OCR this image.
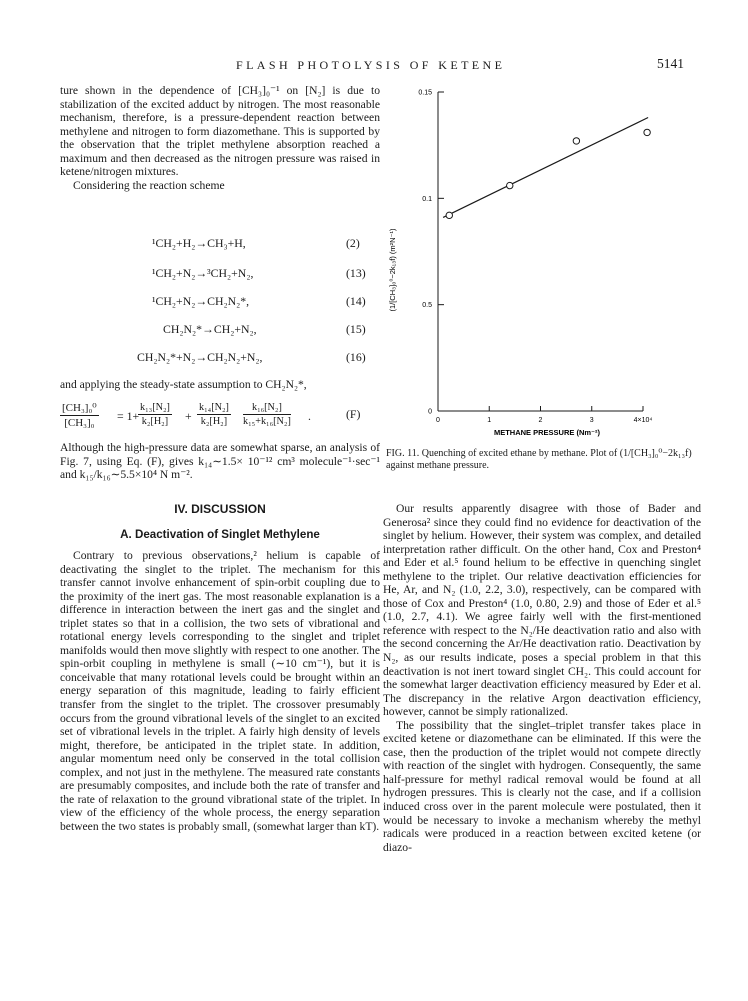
FLASH PHOTOLYSIS OF KETENE	5141

ture shown in the dependence of [CH₃]₀⁻¹ on [N₂] is due to stabilization of the excited adduct by nitrogen. The most reasonable mechanism, therefore, is a pressure-dependent reaction between methylene and nitrogen to form diazomethane. This is supported by the observation that the triplet methylene absorption reached a maximum and then decreased as the nitrogen pressure was raised in ketene/nitrogen mixtures.

Considering the reaction scheme

¹CH₂+H₂→CH₃+H,	(2)
¹CH₂+N₂→³CH₂+N₂,	(13)
¹CH₂+N₂→CH₂N₂*,	(14)
CH₂N₂*→CH₂+N₂,	(15)
CH₂N₂*+N₂→CH₂N₂+N₂,	(16)
and applying the steady-state assumption to CH₂N₂*,
$\frac{\text{[CH₃]₀⁰}}{\text{[CH₃]₀}} = 1+$
$\frac{\text{k₁₃[N₂]}}{\text{k₂[H₂]}} + \frac{\text{k₁₄[N₂]}}{\text{k₂[H₂]}} \frac{\text{k₁₆[N₂]}}{\text{k₁₅+k₁₆[N₂]}}$ .	(F)

Although the high-pressure data are somewhat sparse, an analysis of Fig. 7, using Eq. (F), gives k₁₄∼1.5× 10⁻¹² cm³ molecule⁻¹·sec⁻¹ and k₁₅/k₁₆∼5.5×10⁴ N m⁻².

IV. DISCUSSION
A. Deactivation of Singlet Methylene

Contrary to previous observations,² helium is capable of deactivating the singlet to the triplet. The mechanism for this transfer cannot involve enhancement of spin-orbit coupling due to the proximity of the inert gas. The most reasonable explanation is a difference in interaction between the inert gas and the singlet and triplet states so that in a collision, the two sets of vibrational and rotational energy levels corresponding to the singlet and triplet manifolds would then move slightly with respect to one another. The spin-orbit coupling in methylene is small (∼10 cm⁻¹), but it is conceivable that many rotational levels could be brought within an energy separation of this magnitude, leading to fairly efficient transfer from the singlet to the triplet. The crossover presumably occurs from the ground vibrational levels of the singlet to an excited set of vibrational levels in the triplet. A fairly high density of levels might, therefore, be anticipated in the triplet state. In addition, angular momentum need only be conserved in the total collision complex, and not just in the methylene. The measured rate constants are presumably composites, and include both the rate of transfer and the rate of relaxation to the ground vibrational state of the triplet. In view of the efficiency of the whole process, the energy separation between the two states is probably small, (somewhat larger than kT).

0	1	2	3	4×10⁴
0
0.5
0.1
0.15
METHANE PRESSURE (Nm⁻²)
(1/[CH₃]₀⁰−2k₁₃f) (m²N⁻¹)
FIG. 11. Quenching of excited ethane by methane. Plot of (1/[CH₃]₀⁰−2k₁₃f) against methane pressure.

Our results apparently disagree with those of Bader and Generosa² since they could find no evidence for deactivation of the singlet by helium. However, their system was complex, and detailed interpretation rather difficult. On the other hand, Cox and Preston⁴ and Eder et al.⁵ found helium to be effective in quenching singlet methylene to the triplet. Our relative deactivation efficiencies for He, Ar, and N₂ (1.0, 2.2, 3.0), respectively, can be compared with those of Cox and Preston⁴ (1.0, 0.80, 2.9) and those of Eder et al.⁵ (1.0, 2.7, 4.1). We agree fairly well with the first-mentioned reference with respect to the N₂/He deactivation ratio and also with the second concerning the Ar/He deactivation ratio. Deactivation by N₂, as our results indicate, poses a special problem in that this deactivation is not inert toward singlet CH₂. This could account for the somewhat larger deactivation efficiency measured by Eder et al. The discrepancy in the relative Argon deactivation efficiency, however, cannot be simply rationalized.

The possibility that the singlet–triplet transfer takes place in excited ketene or diazomethane can be eliminated. If this were the case, then the production of the triplet would not compete directly with reaction of the singlet with hydrogen. Consequently, the same half-pressure for methyl radical removal would be found at all hydrogen pressures. This is clearly not the case, and if a collision induced cross over in the parent molecule were postulated, then it would be necessary to invoke a mechanism whereby the methyl radicals were produced in a reaction between excited ketene (or diazo-
